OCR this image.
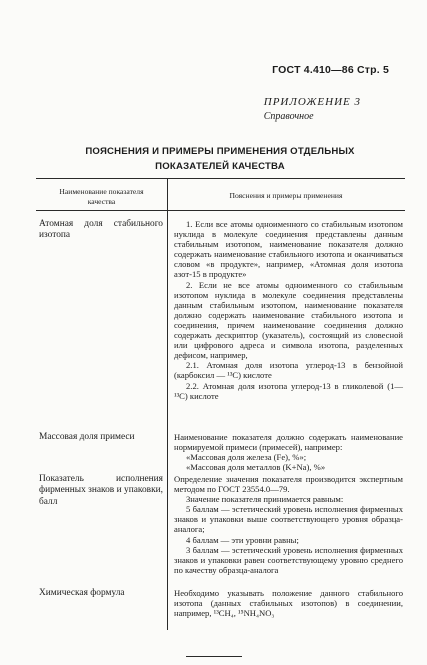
ГОСТ 4.410—86 Стр. 5
ПРИЛОЖЕНИЕ 3
Справочное
ПОЯСНЕНИЯ И ПРИМЕРЫ ПРИМЕНЕНИЯ ОТДЕЛЬНЫХ
ПОКАЗАТЕЛЕЙ КАЧЕСТВА
Наименование показателя
качества
Пояснения и примеры применения
Атомная доля стабильного изотопа

1. Если все атомы одноименного со стабильным изотопом нуклида в молекуле соединения представлены данным стабильным изотопом, наименование показателя должно содержать наименование стабильного изотопа и оканчиваться словом «в продукте», например, «Атомная доля изотопа азот-15 в продукте»

2. Если не все атомы одноименного со стабильным изотопом нуклида в молекуле соединения представлены данным стабильным изотопом, наименование показателя должно содержать наименование стабильного изотопа и соединения, причем наименование соединения должно содержать дескриптор (указатель), состоящий из словесной или цифрового адреса и символа изотопа, разделенных дефисом, например,

2.1. Атомная доля изотопа углерод-13 в бензойной (карбоксил — ¹³C) кислоте

2.2. Атомная доля изотопа углерод-13 в гликолевой (1—¹³C) кислоте

Массовая доля примеси	Наименование показателя должно содержать наименование нормируемой примеси (примесей), например:

«Массовая доля железа (Fe), %»;

«Массовая доля металлов (K+Na), %»

Показатель исполнения фирменных знаков и упаковки, балл

Определение значения показателя производится экспертным методом по ГОСТ 23554.0—79.

Значение показателя принимается равным:

5 баллам — эстетический уровень исполнения фирменных знаков и упаковки выше соответствующего уровня образца-аналога;

4 баллам — эти уровни равны;

3 баллам — эстетический уровень исполнения фирменных знаков и упаковки равен соответствующему уровню среднего по качеству образца-аналога

Химическая формула	Необходимо указывать положение данного стабильного изотопа (данных стабильных изотопов) в соединении, например, ¹³CH₄, ¹⁵NH₄NO₃
